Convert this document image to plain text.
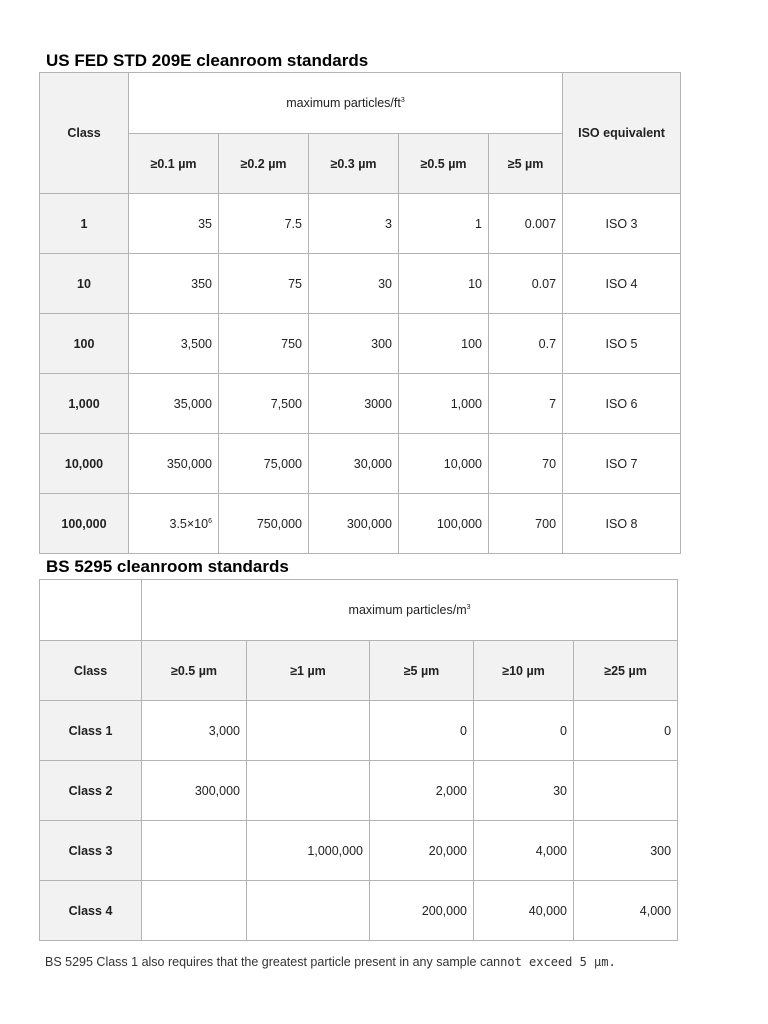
US FED STD 209E cleanroom standards
Class	maximum particles/$ft^3$					ISO equivalent
	≥0.1 µm	≥0.2 µm	≥0.3 µm	≥0.5 µm	≥5 µm	
1	35	7.5	3	1	0.007	ISO 3
10	350	75	30	10	0.07	ISO 4
100	3,500	750	300	100	0.7	ISO 5
1,000	35,000	7,500	3000	1,000	7	ISO 6
10,000	350,000	75,000	30,000	10,000	70	ISO 7
100,000	$3.5\times 10^6$	750,000	300,000	100,000	700	ISO 8
BS 5295 cleanroom standards
	maximum particles/$m^3$
Class	≥0.5 µm	≥1 µm	≥5 µm	≥10 µm	≥25 µm
Class 1	3,000		0	0	0
Class 2	300,000		2,000	30	
Class 3		1,000,000	20,000	4,000	300
Class 4			200,000	40,000	4,000

BS 5295 Class 1 also requires that the greatest particle present in any sample cannot exceed 5 µm.
